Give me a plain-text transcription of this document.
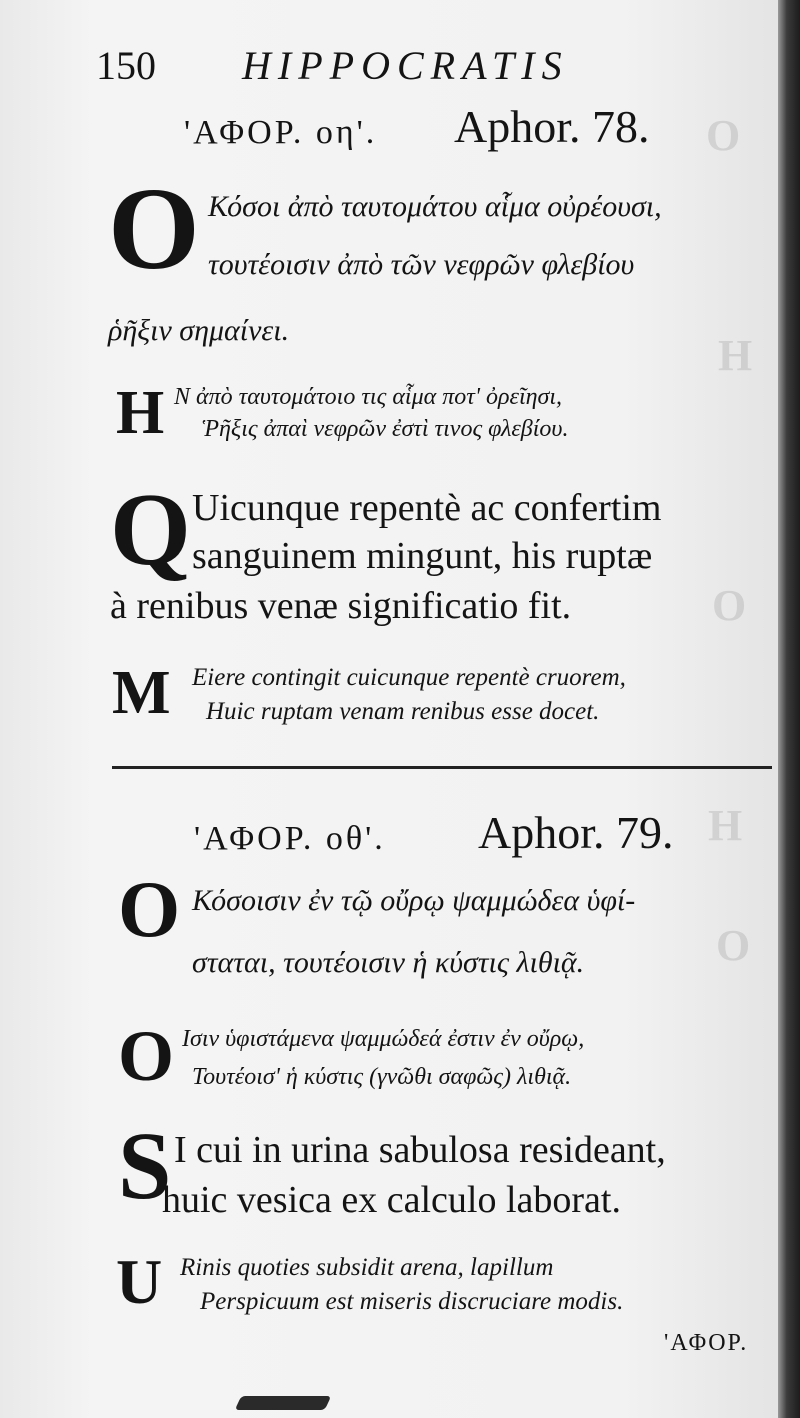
O
H
O
H
O
150 HIPPOCRATIS
'ΑΦΟΡ. οη'. Aphor. 78.
O Κόσοι ἀπὸ ταυτομάτου αἷμα οὐρέουσι,
τουτέοισιν ἀπὸ τῶν νεφρῶν φλεβίου
ῥῆξιν σημαίνει.
H Ν ἀπὸ ταυτομάτοιο τις αἷμα ποτ' ὀρεῖησι,
Ῥῆξις ἀπαὶ νεφρῶν ἐστὶ τινος φλεβίου.
Q Uicunque repentè ac confertim
sanguinem mingunt, his ruptæ
à renibus venæ significatio fit.
M Eiere contingit cuicunque repentè cruorem,
Huic ruptam venam renibus esse docet.
'ΑΦΟΡ. οθ'. Aphor. 79.
O Κόσοισιν ἐν τῷ οὔρῳ ψαμμώδεα ὑφί-
σταται, τουτέοισιν ἡ κύστις λιθιᾷ.
O Ισιν ὑφιστάμενα ψαμμώδεά ἐστιν ἐν οὔρῳ,
Τουτέοισ' ἡ κύστις (γνῶθι σαφῶς) λιθιᾷ.
S I cui in urina sabulosa resideant,
huic vesica ex calculo laborat.
U Rinis quoties subsidit arena, lapillum
Perspicuum est miseris discruciare modis.
'ΑΦΟΡ.
